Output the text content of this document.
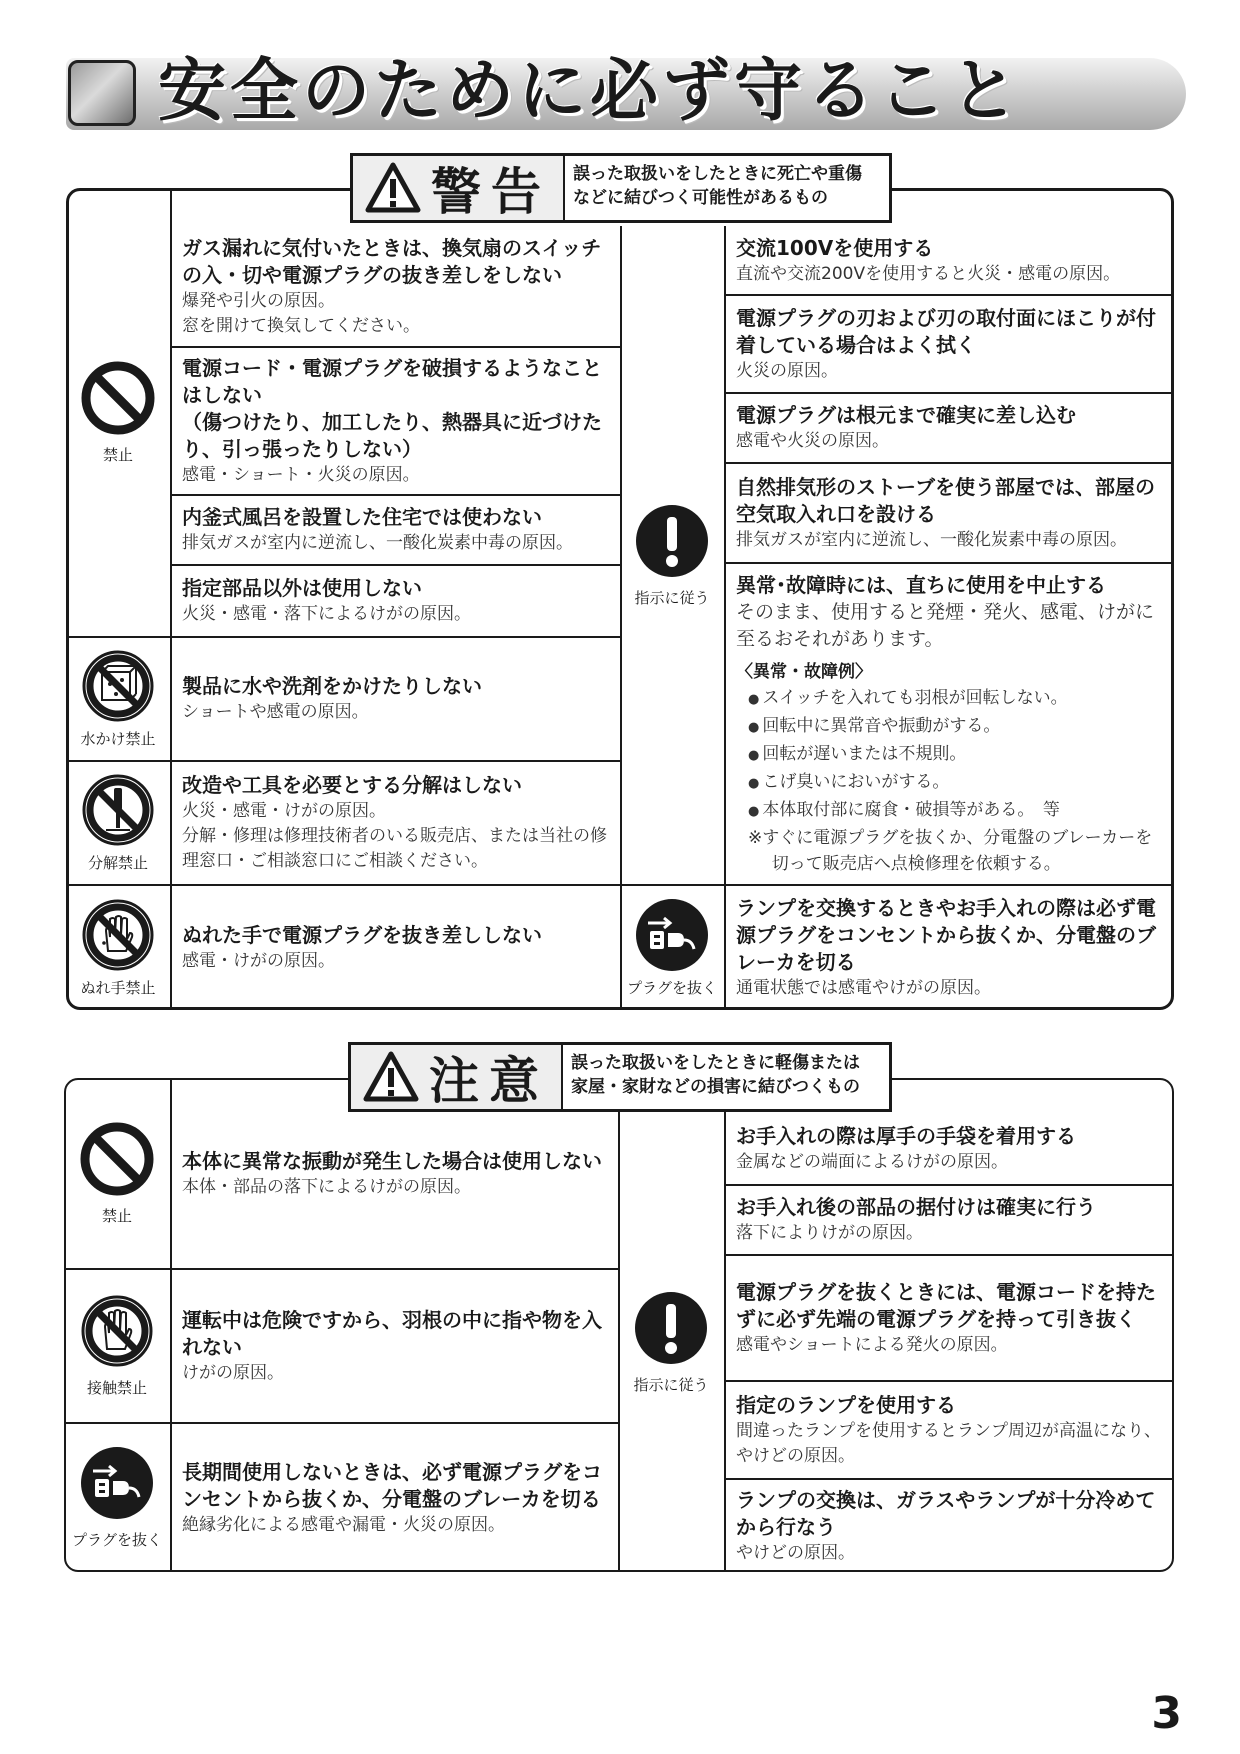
安全のために必ず守ること
警告 誤った取扱いをしたときに死亡や重傷
などに結びつく可能性があるもの
禁止
水かけ禁止
分解禁止
ぬれ手禁止
指示に従う
プラグを抜く
ガス漏れに気付いたときは、換気扇のスイッチの入・切や電源プラグの抜き差しをしない
爆発や引火の原因。
窓を開けて換気してください。
電源コード・電源プラグを破損するようなことはしない
（傷つけたり、加工したり、熱器具に近づけたり、引っ張ったりしない）
感電・ショート・火災の原因。
内釜式風呂を設置した住宅では使わない
排気ガスが室内に逆流し、一酸化炭素中毒の原因。
指定部品以外は使用しない
火災・感電・落下によるけがの原因。
製品に水や洗剤をかけたりしない
ショートや感電の原因。
改造や工具を必要とする分解はしない
火災・感電・けがの原因。
分解・修理は修理技術者のいる販売店、または当社の修理窓口・ご相談窓口にご相談ください。
ぬれた手で電源プラグを抜き差ししない
感電・けがの原因。
交流100Vを使用する
直流や交流200Vを使用すると火災・感電の原因。
電源プラグの刃および刃の取付面にほこりが付着している場合はよく拭く
火災の原因。
電源プラグは根元まで確実に差し込む
感電や火災の原因。
自然排気形のストーブを使う部屋では、部屋の空気取入れ口を設ける
排気ガスが室内に逆流し、一酸化炭素中毒の原因。
異常･故障時には、直ちに使用を中止する
そのまま、使用すると発煙・発火、感電、けがに至るおそれがあります。
〈異常・故障例〉
● スイッチを入れても羽根が回転しない。
● 回転中に異常音や振動がする。
● 回転が遅いまたは不規則。
● こげ臭いにおいがする。
● 本体取付部に腐食・破損等がある。　等
※すぐに電源プラグを抜くか、分電盤のブレーカーを切って販売店へ点検修理を依頼する。
ランプを交換するときやお手入れの際は必ず電源プラグをコンセントから抜くか、分電盤のブレーカを切る
通電状態では感電やけがの原因。
注意 誤った取扱いをしたときに軽傷または
家屋・家財などの損害に結びつくもの
禁止
接触禁止
プラグを抜く
指示に従う
本体に異常な振動が発生した場合は使用しない
本体・部品の落下によるけがの原因。
運転中は危険ですから、羽根の中に指や物を入れない
けがの原因。
長期間使用しないときは、必ず電源プラグをコンセントから抜くか、分電盤のブレーカを切る
絶縁劣化による感電や漏電・火災の原因。
お手入れの際は厚手の手袋を着用する
金属などの端面によるけがの原因。
お手入れ後の部品の据付けは確実に行う
落下によりけがの原因。
電源プラグを抜くときには、電源コードを持たずに必ず先端の電源プラグを持って引き抜く
感電やショートによる発火の原因。
指定のランプを使用する
間違ったランプを使用するとランプ周辺が高温になり、やけどの原因。
ランプの交換は、ガラスやランプが十分冷めてから行なう
やけどの原因。
3
